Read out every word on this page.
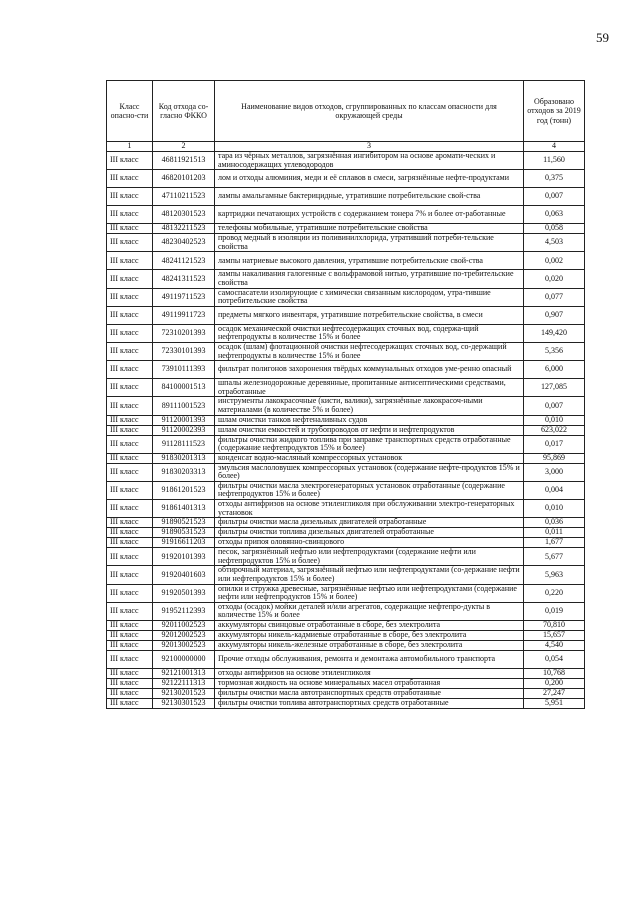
59
Класс опасно-сти	Код отхода со-гласно ФККО	Наименование видов отходов, сгруппированных по классам опасности для окружающей среды	Образовано отходов за 2019 год (тонн)
1	2	3	4
III класс	46811921513	тара из чёрных металлов, загрязнённая ингибитором на основе аромати-ческих и аминосодержащих углеводородов	11,560
III класс	46820101203	лом и отходы алюминия, меди и её сплавов в смеси, загрязнённые нефте-продуктами	0,375
III класс	47110211523	лампы амальгамные бактерицидные, утратившие потребительские свой-ства	0,007
III класс	48120301523	картриджи печатающих устройств с содержанием тонера 7% и более от-работанные	0,063
III класс	48132211523	телефоны мобильные, утратившие потребительские свойства	0,058
III класс	48230402523	провод медный в изоляции из поливинилхлорида, утративший потреби-тельские свойства	4,503
III класс	48241121523	лампы натриевые высокого давления, утратившие потребительские свой-ства	0,002
III класс	48241311523	лампы накаливания галогенные с вольфрамовой нитью, утратившие по-требительские свойства	0,020
III класс	49119711523	самоспасатели изолирующие с химически связанным кислородом, утра-тившие потребительские свойства	0,077
III класс	49119911723	предметы мягкого инвентаря, утратившие потребительские свойства, в смеси	0,907
III класс	72310201393	осадок механической очистки нефтесодержащих сточных вод, содержа-щий нефтепродукты в количестве 15% и более	149,420
III класс	72330101393	осадок (шлам) флотационной очистки нефтесодержащих сточных вод, со-держащий нефтепродукты в количестве 15% и более	5,356
III класс	73910111393	фильтрат полигонов захоронения твёрдых коммунальных отходов уме-ренно опасный	6,000
III класс	84100001513	шпалы железнодорожные деревянные, пропитанные антисептическими средствами, отработанные	127,085
III класс	89111001523	инструменты лакокрасочные (кисти, валики), загрязнённые лакокрасоч-ными материалами (в количестве 5% и более)	0,007
III класс	91120001393	шлам очистки танков нефтеналивных судов	0,010
III класс	91120002393	шлам очистки емкостей и трубопроводов от нефти и нефтепродуктов	623,022
III класс	91128111523	фильтры очистки жидкого топлива при заправке транспортных средств отработанные (содержание нефтепродуктов 15% и более)	0,017
III класс	91830201313	конденсат водно-масляный компрессорных установок	95,869
III класс	91830203313	эмульсия маслоловушек компрессорных установок (содержание нефте-продуктов 15% и более)	3,000
III класс	91861201523	фильтры очистки масла электрогенераторных установок отработанные (содержание нефтепродуктов 15% и более)	0,004
III класс	91861401313	отходы антифризов на основе этиленгликоля при обслуживании электро-генераторных установок	0,010
III класс	91890521523	фильтры очистки масла дизельных двигателей отработанные	0,036
III класс	91890531523	фильтры очистки топлива дизельных двигателей отработанные	0,011
III класс	91916611203	отходы припоя оловянно-свинцового	1,677
III класс	91920101393	песок, загрязнённый нефтью или нефтепродуктами (содержание нефти или нефтепродуктов 15% и более)	5,677
III класс	91920401603	обтирочный материал, загрязнённый нефтью или нефтепродуктами (со-держание нефти или нефтепродуктов 15% и более)	5,963
III класс	91920501393	опилки и стружка древесные, загрязнённые нефтью или нефтепродуктами (содержание нефти или нефтепродуктов 15% и более)	0,220
III класс	91952112393	отходы (осадок) мойки деталей и/или агрегатов, содержащие нефтепро-дукты в количестве 15% и более	0,019
III класс	92011002523	аккумуляторы свинцовые отработанные в сборе, без электролита	70,810
III класс	92012002523	аккумуляторы никель-кадмиевые отработанные в сборе, без электролита	15,657
III класс	92013002523	аккумуляторы никель-железные отработанные в сборе, без электролита	4,540
III класс	92100000000	Прочие отходы обслуживания, ремонта и демонтажа автомобильного транспорта	0,054
III класс	92121001313	отходы антифризов на основе этиленгликоля	10,768
III класс	92122111313	тормозная жидкость на основе минеральных масел отработанная	0,200
III класс	92130201523	фильтры очистки масла автотранспортных средств отработанные	27,247
III класс	92130301523	фильтры очистки топлива автотранспортных средств отработанные	5,951
